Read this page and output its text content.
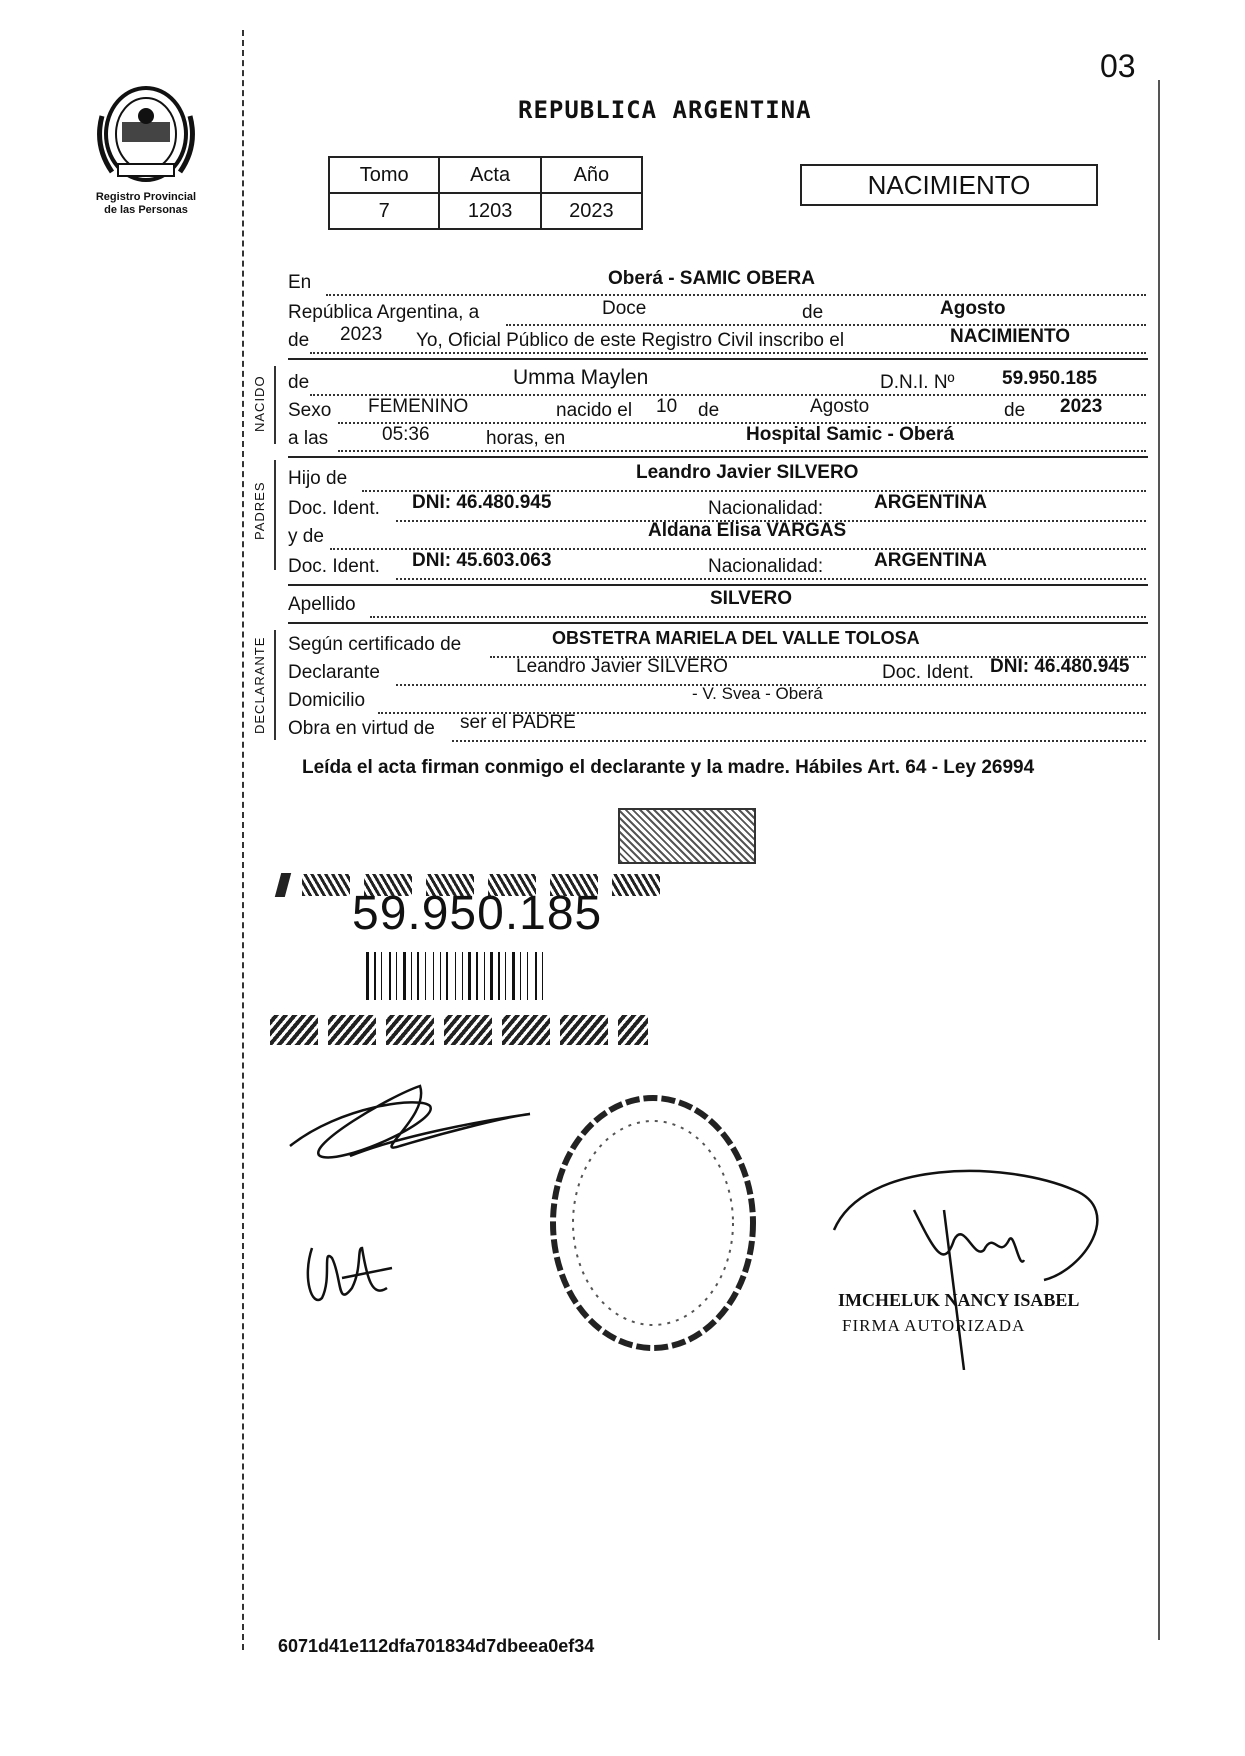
03
Registro Provincial
de las Personas
REPUBLICA ARGENTINA
Tomo	Acta	Año
7	1203	2023
NACIMIENTO
NACIDO
PADRES
DECLARANTE
En	Oberá - SAMIC OBERA
República Argentina, a	Doce	de	Agosto
de 2023 Yo, Oficial Público de este Registro Civil inscribo el	NACIMIENTO
de	Umma Maylen	D.N.I. Nº	59.950.185
Sexo FEMENINO	nacido el 10 de	Agosto	de 2023
a las	05:36	horas, en	Hospital Samic - Oberá
Hijo de	Leandro Javier SILVERO
Doc. Ident. DNI: 46.480.945	Nacionalidad:	ARGENTINA
y de	Aldana Elisa VARGAS
Doc. Ident. DNI: 45.603.063	Nacionalidad:	ARGENTINA
Apellido	SILVERO
Según certificado de	OBSTETRA MARIELA DEL VALLE TOLOSA
Declarante	Leandro Javier SILVERO	Doc. Ident. DNI: 46.480.945
Domicilio	- V. Svea - Oberá
Obra en virtud de ser el PADRE
Leída el acta firman conmigo el declarante y la madre. Hábiles Art. 64 - Ley 26994
59.950.185
IMCHELUK NANCY ISABEL
FIRMA AUTORIZADA
6071d41e112dfa701834d7dbeea0ef34
